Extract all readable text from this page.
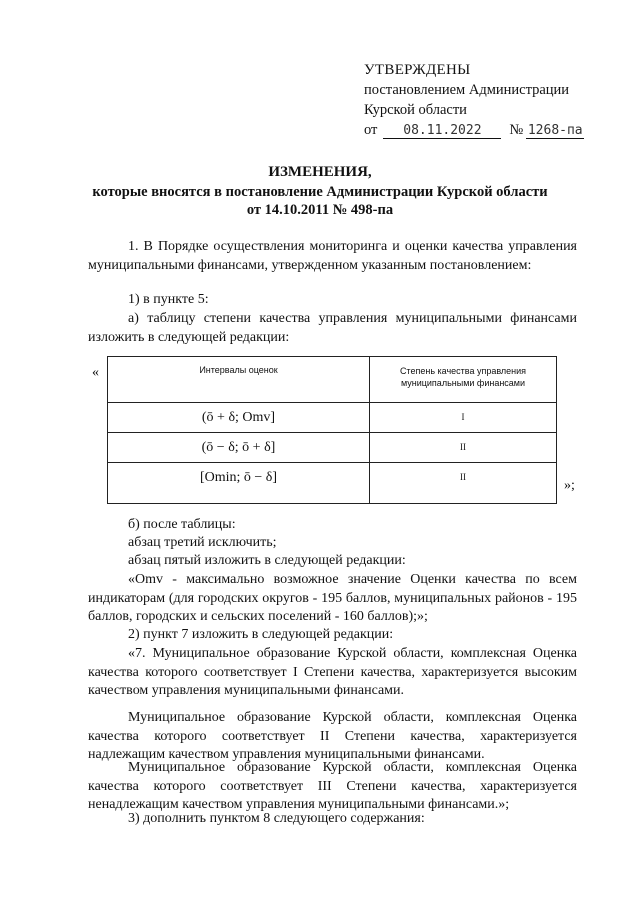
УТВЕРЖДЕНЫ
постановлением Администрации
Курской области
от	08.11.2022	№ 1268-па
ИЗМЕНЕНИЯ,
которые вносятся в постановление Администрации Курской области
от 14.10.2011 № 498-па
1. В Порядке осуществления мониторинга и оценки качества управления муниципальными финансами, утвержденном указанным постановлением:
1) в пункте 5:
а) таблицу степени качества управления муниципальными финансами изложить в следующей редакции:
«	Интервалы оценок	Степень качества управления муниципальными финансами
(ō + δ; Omv]	I
(ō − δ; ō + δ]	II
[Omin; ō − δ]	II
»;
б) после таблицы:
абзац третий исключить;
абзац пятый изложить в следующей редакции:
«Omv - максимально возможное значение Оценки качества по всем индикаторам (для городских округов - 195 баллов, муниципальных районов - 195 баллов, городских и сельских поселений - 160 баллов);»;
2) пункт 7 изложить в следующей редакции:
«7. Муниципальное образование Курской области, комплексная Оценка качества которого соответствует I Степени качества, характеризуется высоким качеством управления муниципальными финансами.
Муниципальное образование Курской области, комплексная Оценка качества которого соответствует II Степени качества, характеризуется надлежащим качеством управления муниципальными финансами.
Муниципальное образование Курской области, комплексная Оценка качества которого соответствует III Степени качества, характеризуется ненадлежащим качеством управления муниципальными финансами.»;
3) дополнить пунктом 8 следующего содержания:
